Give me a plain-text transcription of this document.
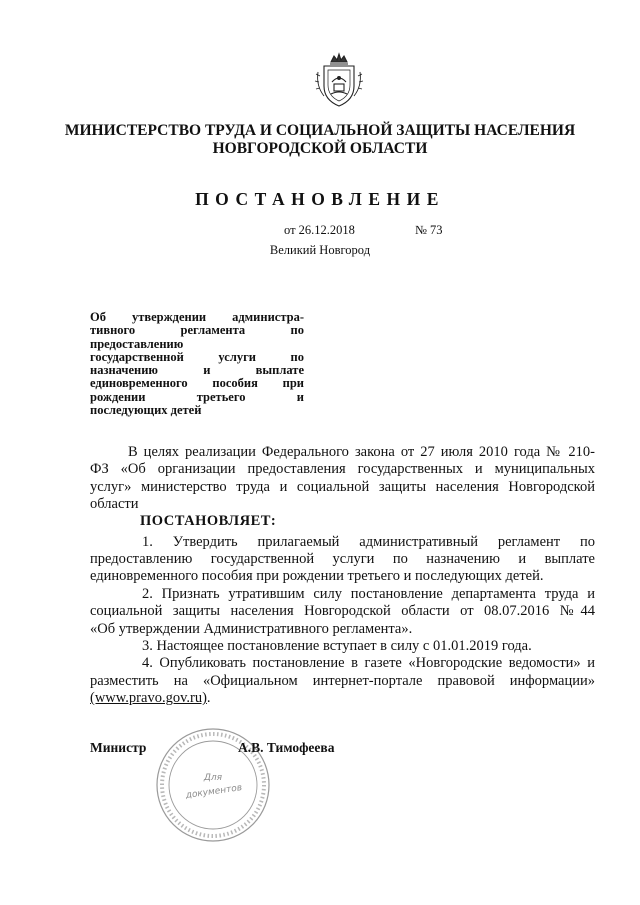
МИНИСТЕРСТВО ТРУДА И СОЦИАЛЬНОЙ ЗАЩИТЫ НАСЕЛЕНИЯ
НОВГОРОДСКОЙ ОБЛАСТИ
ПОСТАНОВЛЕНИЕ
от 26.12.2018	№ 73
Великий Новгород
Об утверждении администра-
тивного регламента по
предоставлению
государственной услуги по
назначению и выплате
единовременного пособия при
рождении третьего и
последующих детей
В целях реализации Федерального закона от 27 июля 2010 года № 210-
ФЗ «Об организации предоставления государственных и муниципальных
услуг» министерство труда и социальной защиты населения Новгородской
области
1. Утвердить прилагаемый административный регламент по
предоставлению государственной услуги по назначению и выплате
единовременного пособия при рождении третьего и последующих детей.
2. Признать утратившим силу постановление департамента труда и
социальной защиты населения Новгородской области от 08.07.2016 №44
«Об утверждении Административного регламента».
3. Настоящее постановление вступает в силу с 01.01.2019 года.
4. Опубликовать постановление в газете «Новгородские ведомости» и
разместить на «Официальном интернет-портале правовой информации»
(www.pravo.gov.ru).
ПОСТАНОВЛЯЕТ:
Для
документов
Министр	А.В. Тимофеева
